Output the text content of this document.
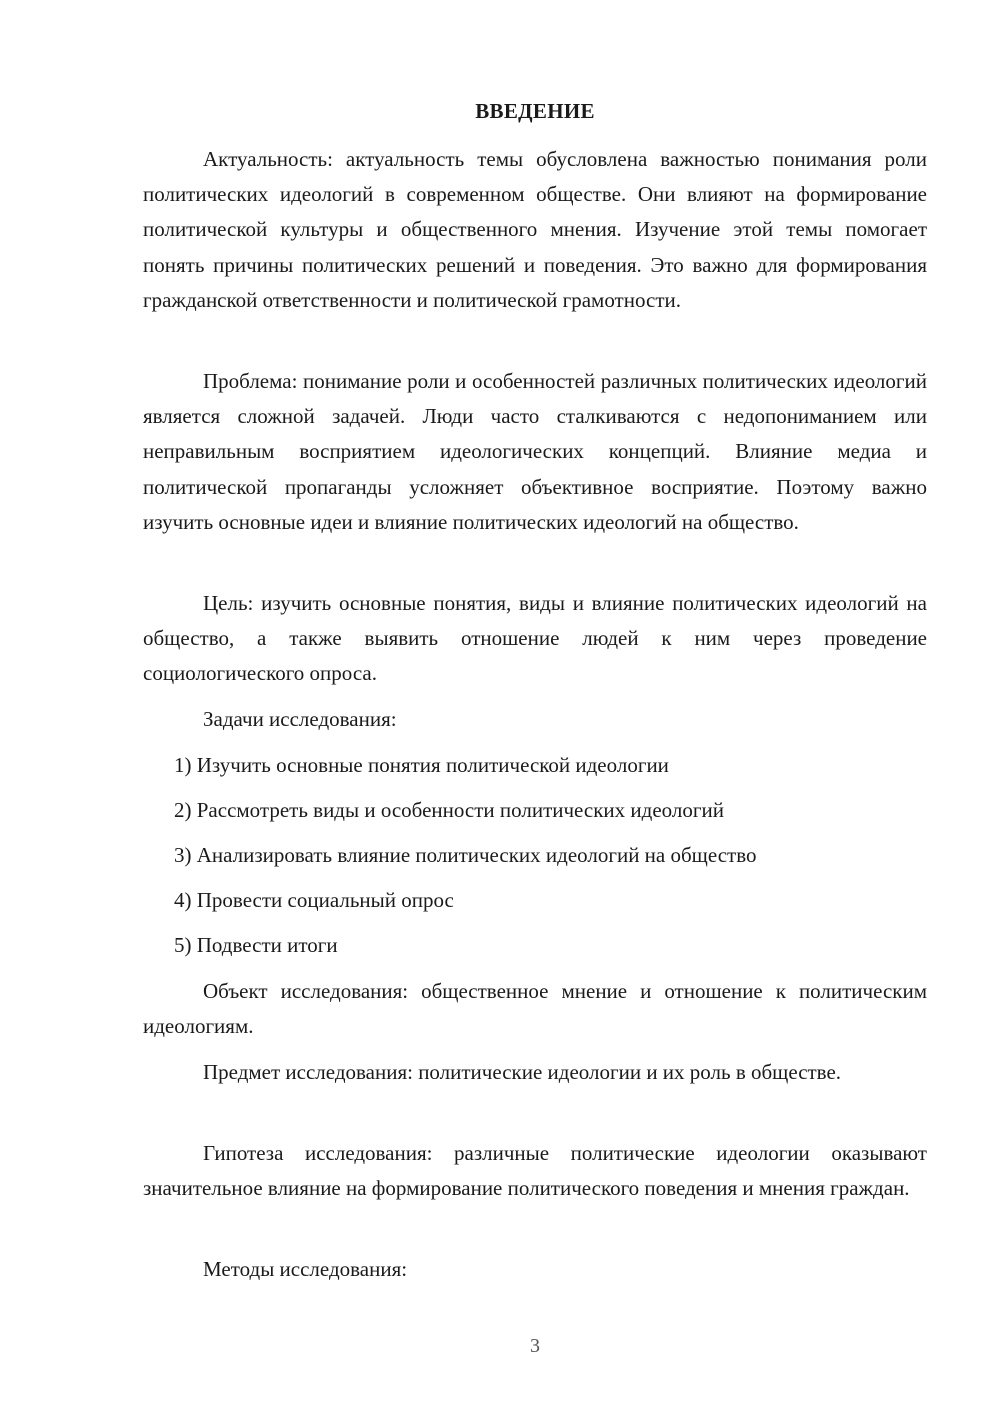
ВВЕДЕНИЕ

Актуальность: актуальность темы обусловлена важностью понимания роли политических идеологий в современном обществе. Они влияют на формирование политической культуры и общественного мнения. Изучение этой темы помогает понять причины политических решений и поведения. Это важно для формирования гражданской ответственности и политической грамотности.

Проблема: понимание роли и особенностей различных политических идеологий является сложной задачей. Люди часто сталкиваются с недопониманием или неправильным восприятием идеологических концепций. Влияние медиа и политической пропаганды усложняет объективное восприятие. Поэтому важно изучить основные идеи и влияние политических идеологий на общество.

Цель: изучить основные понятия, виды и влияние политических идеологий на общество, а также выявить отношение людей к ним через проведение социологического опроса.

Задачи исследования:
1) Изучить основные понятия политической идеологии
2) Рассмотреть виды и особенности политических идеологий
3) Анализировать влияние политических идеологий на общество
4) Провести социальный опрос
5) Подвести итоги

Объект исследования: общественное мнение и отношение к политическим идеологиям.

Предмет исследования: политические идеологии и их роль в обществе.

Гипотеза исследования: различные политические идеологии оказывают значительное влияние на формирование политического поведения и мнения граждан.

Методы исследования:
3
